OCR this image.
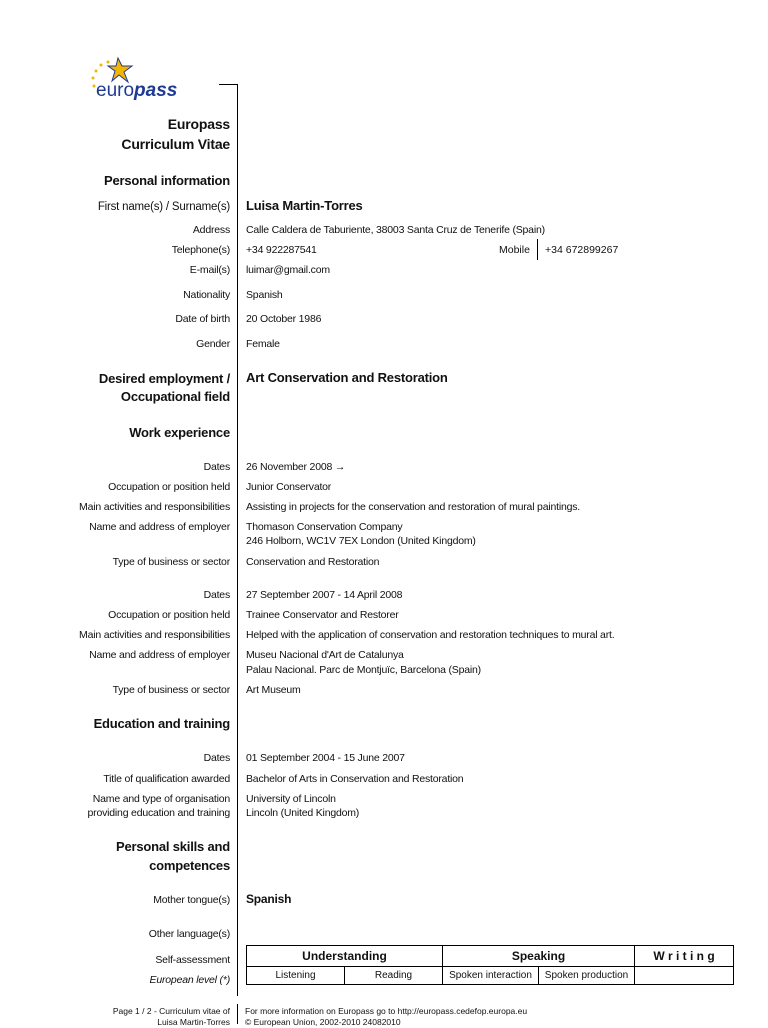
europass
Europass
Curriculum Vitae
Personal information
First name(s) / Surname(s) Luisa Martin-Torres
Address Calle Caldera de Taburiente, 38003 Santa Cruz de Tenerife (Spain)
Telephone(s) +34 922287541	Mobile +34 672899267
E-mail(s) luimar@gmail.com
Nationality Spanish
Date of birth 20 October 1986
Gender Female
Desired employment /
Occupational field
Art Conservation and Restoration
Work experience
Dates 26 November 2008 →
Occupation or position held Junior Conservator
Main activities and responsibilities Assisting in projects for the conservation and restoration of mural paintings.
Name and address of employer Thomason Conservation Company
246 Holborn, WC1V 7EX London (United Kingdom)
Type of business or sector Conservation and Restoration
Dates 27 September 2007 - 14 April 2008
Occupation or position held Trainee Conservator and Restorer
Main activities and responsibilities Helped with the application of conservation and restoration techniques to mural art.
Name and address of employer Museu Nacional d'Art de Catalunya
Palau Nacional. Parc de Montjuïc, Barcelona (Spain)
Type of business or sector Art Museum
Education and training
Dates 01 September 2004 - 15 June 2007
Title of qualification awarded Bachelor of Arts in Conservation and Restoration
Name and type of organisation
providing education and training
University of Lincoln
Lincoln (United Kingdom)
Personal skills and
competences
Mother tongue(s) Spanish
Other language(s)
Self-assessment
European level (*)
Understanding		Speaking		W r i t i n g
Listening	Reading	Spoken interaction	Spoken production	
Page 1 / 2 - Curriculum vitae of
Luisa Martin-Torres
For more information on Europass go to http://europass.cedefop.europa.eu
© European Union, 2002-2010 24082010
